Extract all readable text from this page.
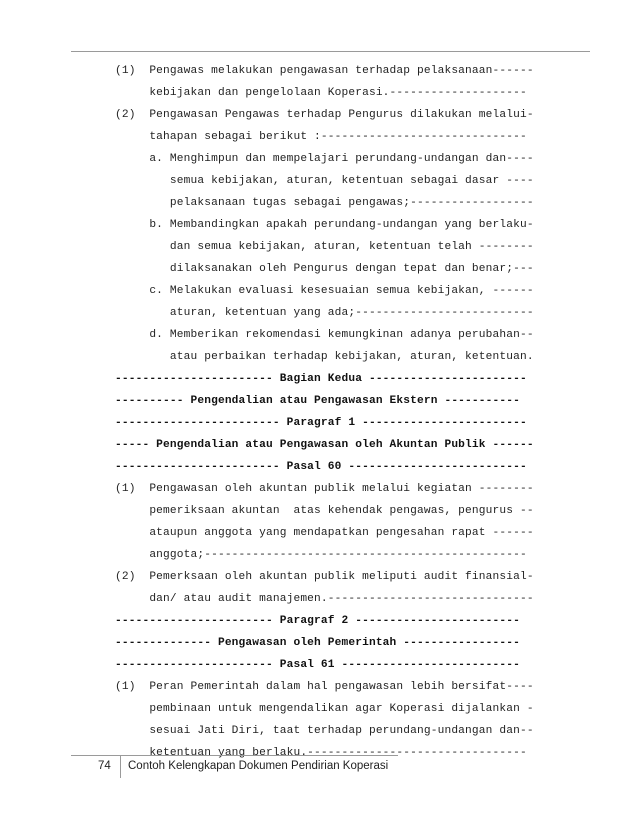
(1)  Pengawas melakukan pengawasan terhadap pelaksanaan------
kebijakan dan pengelolaan Koperasi.--------------------
(2)  Pengawasan Pengawas terhadap Pengurus dilakukan melalui-
tahapan sebagai berikut :------------------------------
a. Menghimpun dan mempelajari perundang-undangan dan----
semua kebijakan, aturan, ketentuan sebagai dasar ----
pelaksanaan tugas sebagai pengawas;------------------
b. Membandingkan apakah perundang-undangan yang berlaku-
dan semua kebijakan, aturan, ketentuan telah --------
dilaksanakan oleh Pengurus dengan tepat dan benar;---
c. Melakukan evaluasi kesesuaian semua kebijakan, ------
aturan, ketentuan yang ada;--------------------------
d. Memberikan rekomendasi kemungkinan adanya perubahan--
atau perbaikan terhadap kebijakan, aturan, ketentuan.
----------------------- Bagian Kedua -----------------------
---------- Pengendalian atau Pengawasan Ekstern -----------
------------------------ Paragraf 1 ------------------------
----- Pengendalian atau Pengawasan oleh Akuntan Publik ------
------------------------ Pasal 60 --------------------------
(1)  Pengawasan oleh akuntan publik melalui kegiatan --------
pemeriksaan akuntan  atas kehendak pengawas, pengurus --
ataupun anggota yang mendapatkan pengesahan rapat ------
anggota;-----------------------------------------------
(2)  Pemerksaan oleh akuntan publik meliputi audit finansial-
dan/ atau audit manajemen.------------------------------
----------------------- Paragraf 2 ------------------------
-------------- Pengawasan oleh Pemerintah -----------------
----------------------- Pasal 61 --------------------------
(1)  Peran Pemerintah dalam hal pengawasan lebih bersifat----
pembinaan untuk mengendalikan agar Koperasi dijalankan -
sesuai Jati Diri, taat terhadap perundang-undangan dan--
ketentuan yang berlaku.--------------------------------
74 Contoh Kelengkapan Dokumen Pendirian Koperasi
